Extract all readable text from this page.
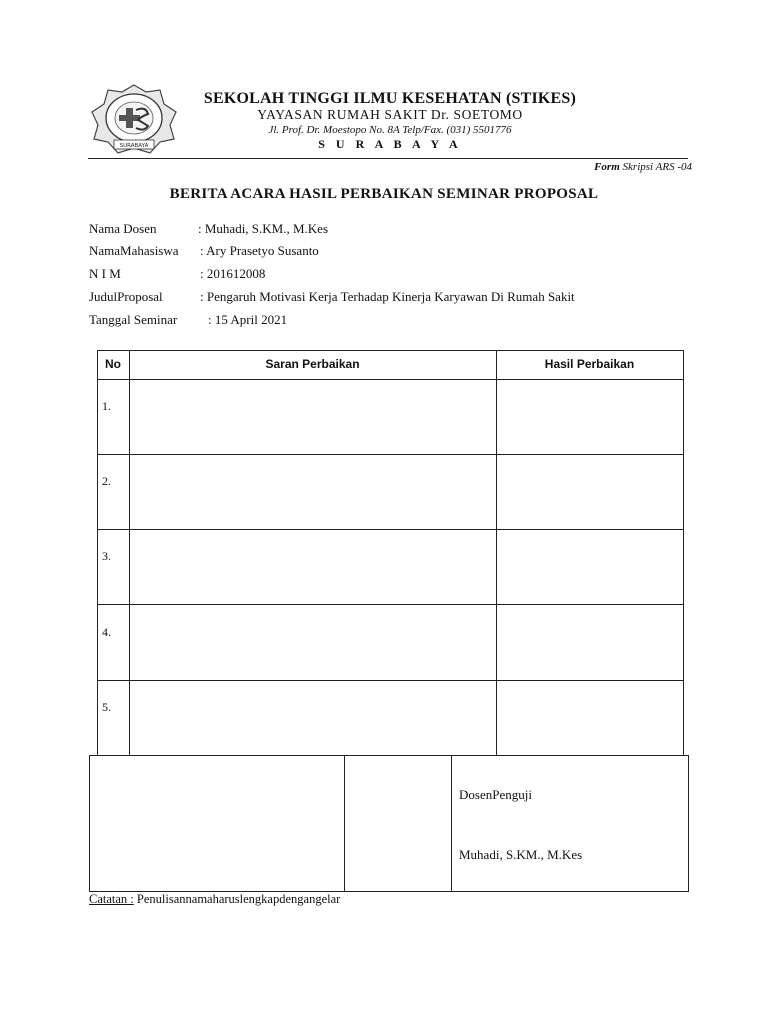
SURABAYA
SEKOLAH TINGGI ILMU KESEHATAN (STIKES)
YAYASAN RUMAH SAKIT Dr. SOETOMO
Jl. Prof. Dr. Moestopo No. 8A Telp/Fax. (031) 5501776
S U R A B A Y A
Form Skripsi ARS -04
BERITA ACARA HASIL PERBAIKAN SEMINAR PROPOSAL
Nama Dosen	: Muhadi, S.KM., M.Kes
NamaMahasiswa : Ary Prasetyo Susanto
N I M	: 201612008
JudulProposal	: Pengaruh Motivasi Kerja Terhadap Kinerja Karyawan Di Rumah Sakit
Tanggal Seminar : 15 April 2021
No	Saran Perbaikan	Hasil Perbaikan
1.
2.
3.
4.
5.
DosenPenguji
Muhadi, S.KM., M.Kes
Catatan : Penulisannamaharuslengkapdengangelar
